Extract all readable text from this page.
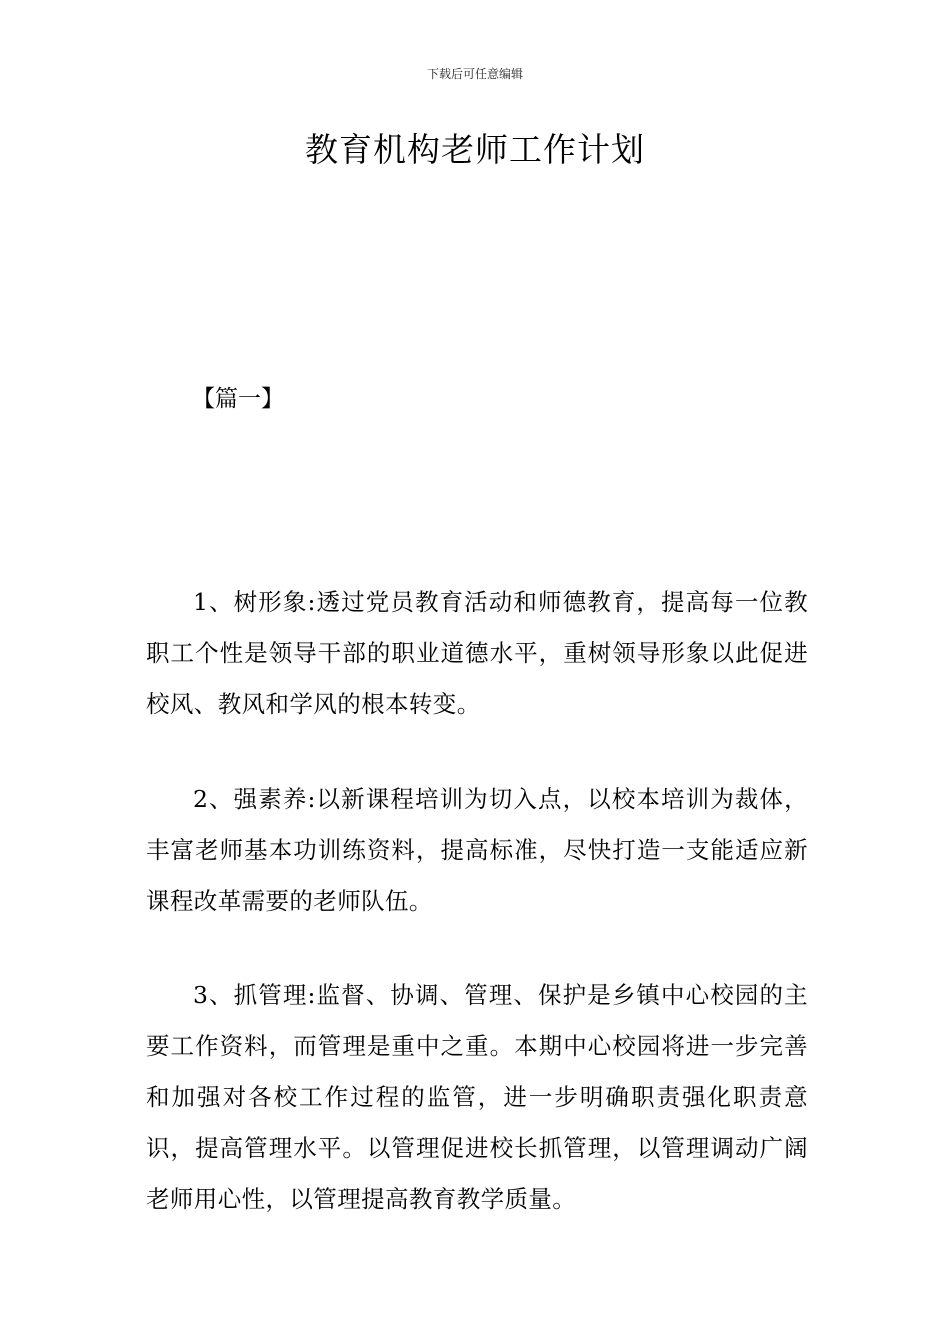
下载后可任意编辑
教育机构老师工作计划
【篇一】

1、树形象:透过党员教育活动和师德教育，提高每一位教职工个性是领导干部的职业道德水平，重树领导形象以此促进校风、教风和学风的根本转变。

2、强素养:以新课程培训为切入点，以校本培训为裁体，丰富老师基本功训练资料，提高标准，尽快打造一支能适应新课程改革需要的老师队伍。

3、抓管理:监督、协调、管理、保护是乡镇中心校园的主要工作资料，而管理是重中之重。本期中心校园将进一步完善和加强对各校工作过程的监管，进一步明确职责强化职责意识，提高管理水平。以管理促进校长抓管理，以管理调动广阔老师用心性，以管理提高教育教学质量。
